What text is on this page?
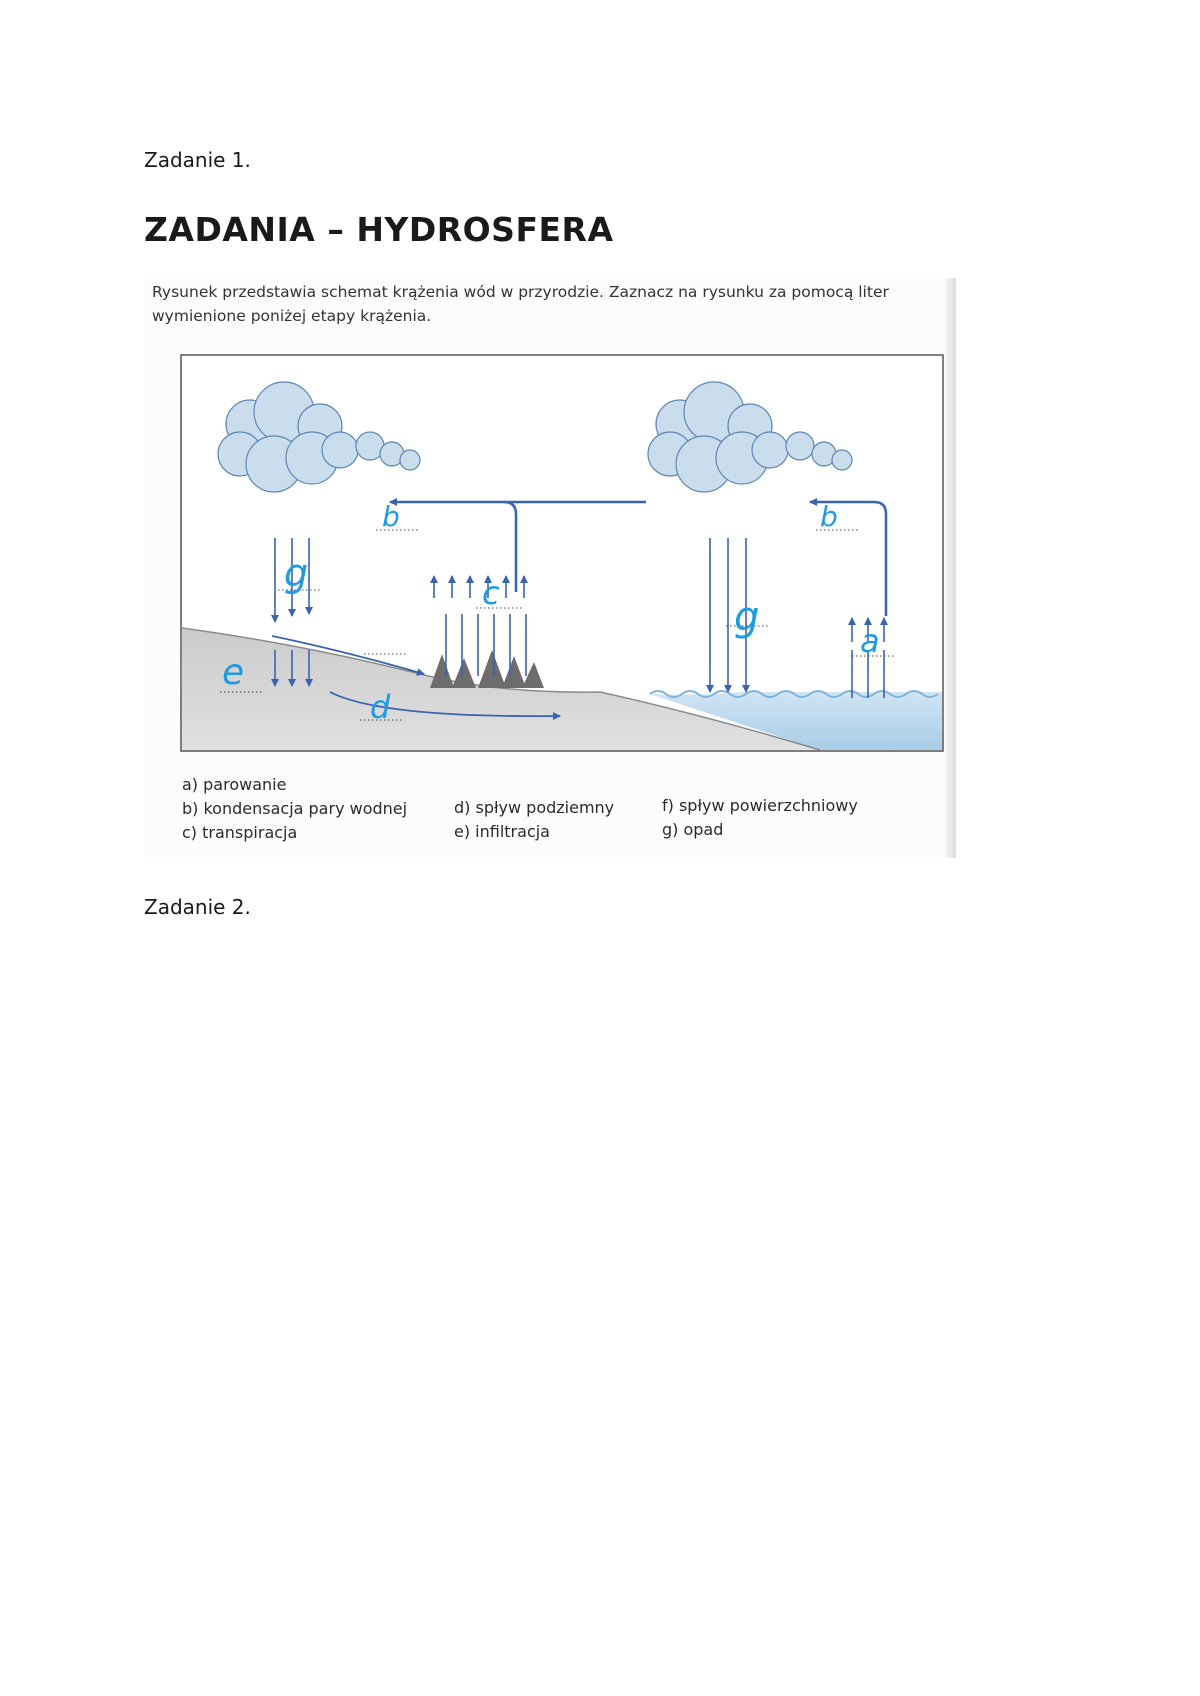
Zadanie 1.
ZADANIA – HYDROSFERA
Rysunek przedstawia schemat krążenia wód w przyrodzie. Zaznacz na rysunku za pomocą liter wymienione poniżej etapy krążenia.
b	b
g	c
g
a
e
d
a) parowanie
b) kondensacja pary wodnej
c) transpiracja
d) spływ podziemny
e) infiltracja
f) spływ powierzchniowy
g) opad
Zadanie 2.
